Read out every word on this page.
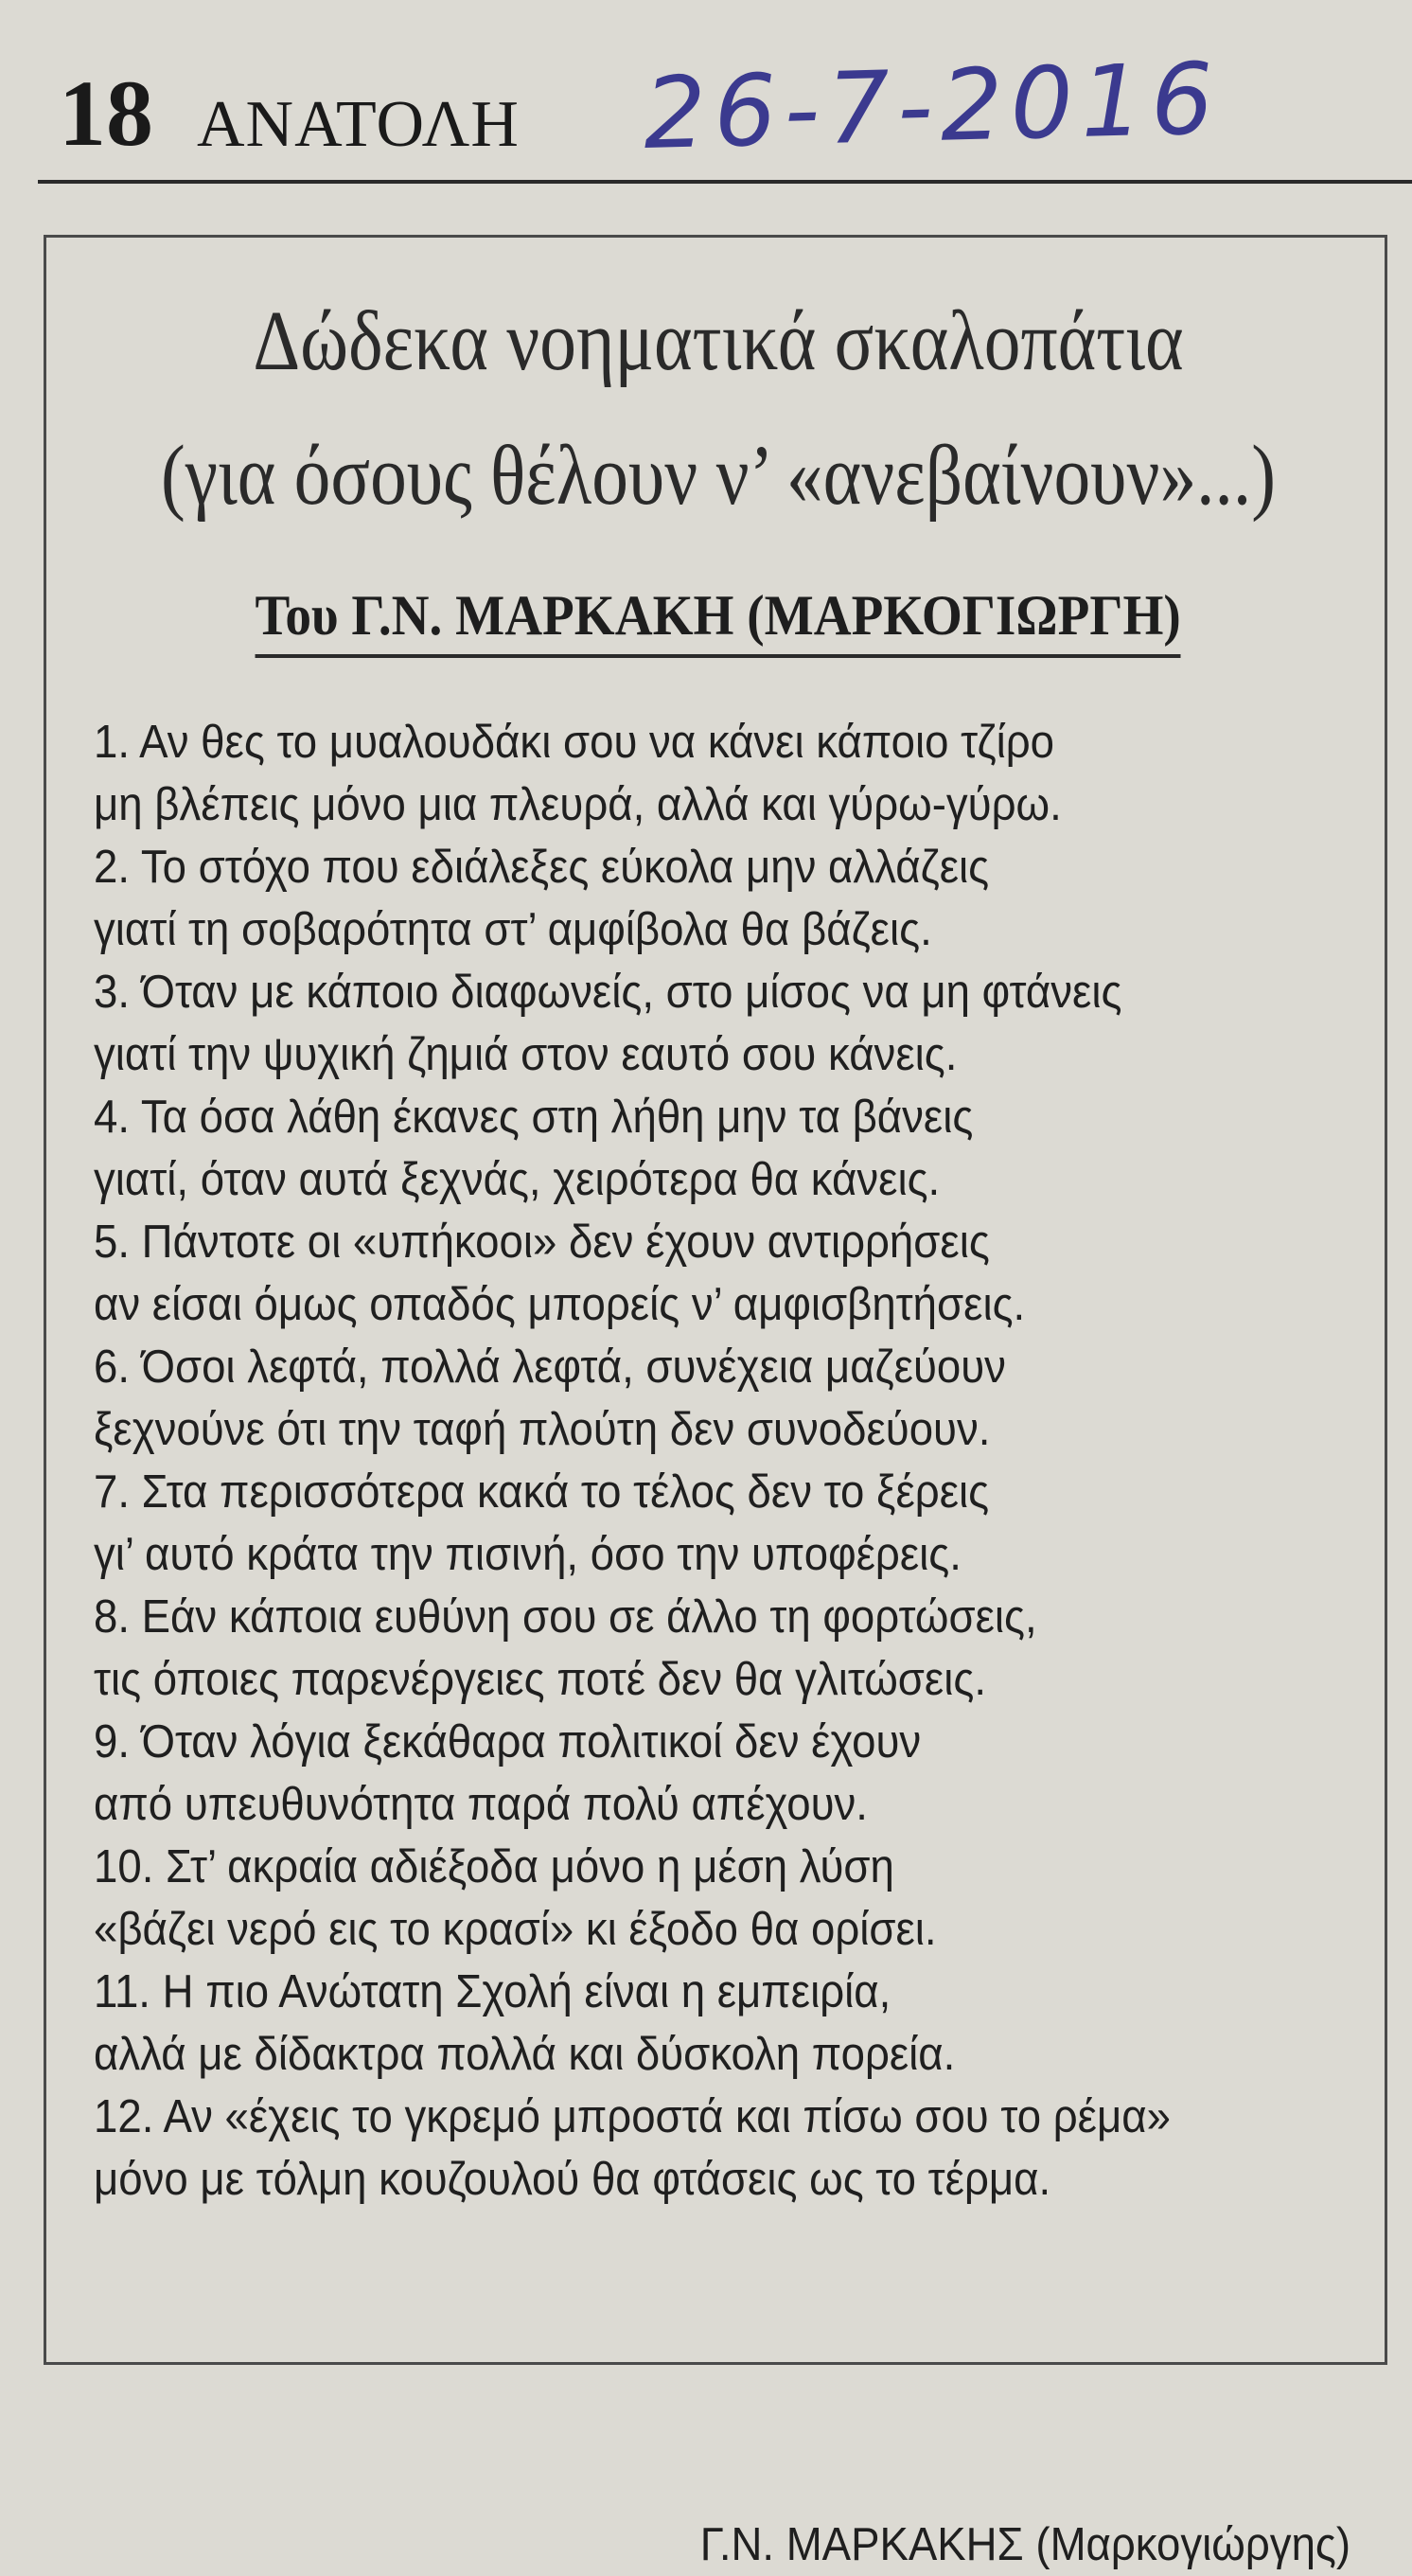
18 ΑΝΑΤΟΛΗ 26-7-2016
Δώδεκα νοηματικά σκαλοπάτια
(για όσους θέλουν ν’ «ανεβαίνουν»...)
Του Γ.Ν. ΜΑΡΚΑΚΗ (ΜΑΡΚΟΓΙΩΡΓΗ)
1. Αν θες το μυαλουδάκι σου να κάνει κάποιο τζίρο
μη βλέπεις μόνο μια πλευρά, αλλά και γύρω-γύρω.
2. Το στόχο που εδιάλεξες εύκολα μην αλλάζεις
γιατί τη σοβαρότητα στ’ αμφίβολα θα βάζεις.
3. Όταν με κάποιο διαφωνείς, στο μίσος να μη φτάνεις
γιατί την ψυχική ζημιά στον εαυτό σου κάνεις.
4. Τα όσα λάθη έκανες στη λήθη μην τα βάνεις
γιατί, όταν αυτά ξεχνάς, χειρότερα θα κάνεις.
5. Πάντοτε οι «υπήκοοι» δεν έχουν αντιρρήσεις
αν είσαι όμως οπαδός μπορείς ν’ αμφισβητήσεις.
6. Όσοι λεφτά, πολλά λεφτά, συνέχεια μαζεύουν
ξεχνούνε ότι την ταφή πλούτη δεν συνοδεύουν.
7. Στα περισσότερα κακά το τέλος δεν το ξέρεις
γι’ αυτό κράτα την πισινή, όσο την υποφέρεις.
8. Εάν κάποια ευθύνη σου σε άλλο τη φορτώσεις,
τις όποιες παρενέργειες ποτέ δεν θα γλιτώσεις.
9. Όταν λόγια ξεκάθαρα πολιτικοί δεν έχουν
από υπευθυνότητα παρά πολύ απέχουν.
10. Στ’ ακραία αδιέξοδα μόνο η μέση λύση
«βάζει νερό εις το κρασί» κι έξοδο θα ορίσει.
11. Η πιο Ανώτατη Σχολή είναι η εμπειρία,
αλλά με δίδακτρα πολλά και δύσκολη πορεία.
12. Αν «έχεις το γκρεμό μπροστά και πίσω σου το ρέμα»
μόνο με τόλμη κουζουλού θα φτάσεις ως το τέρμα.
Γ.Ν. ΜΑΡΚΑΚΗΣ (Μαρκογιώργης)
